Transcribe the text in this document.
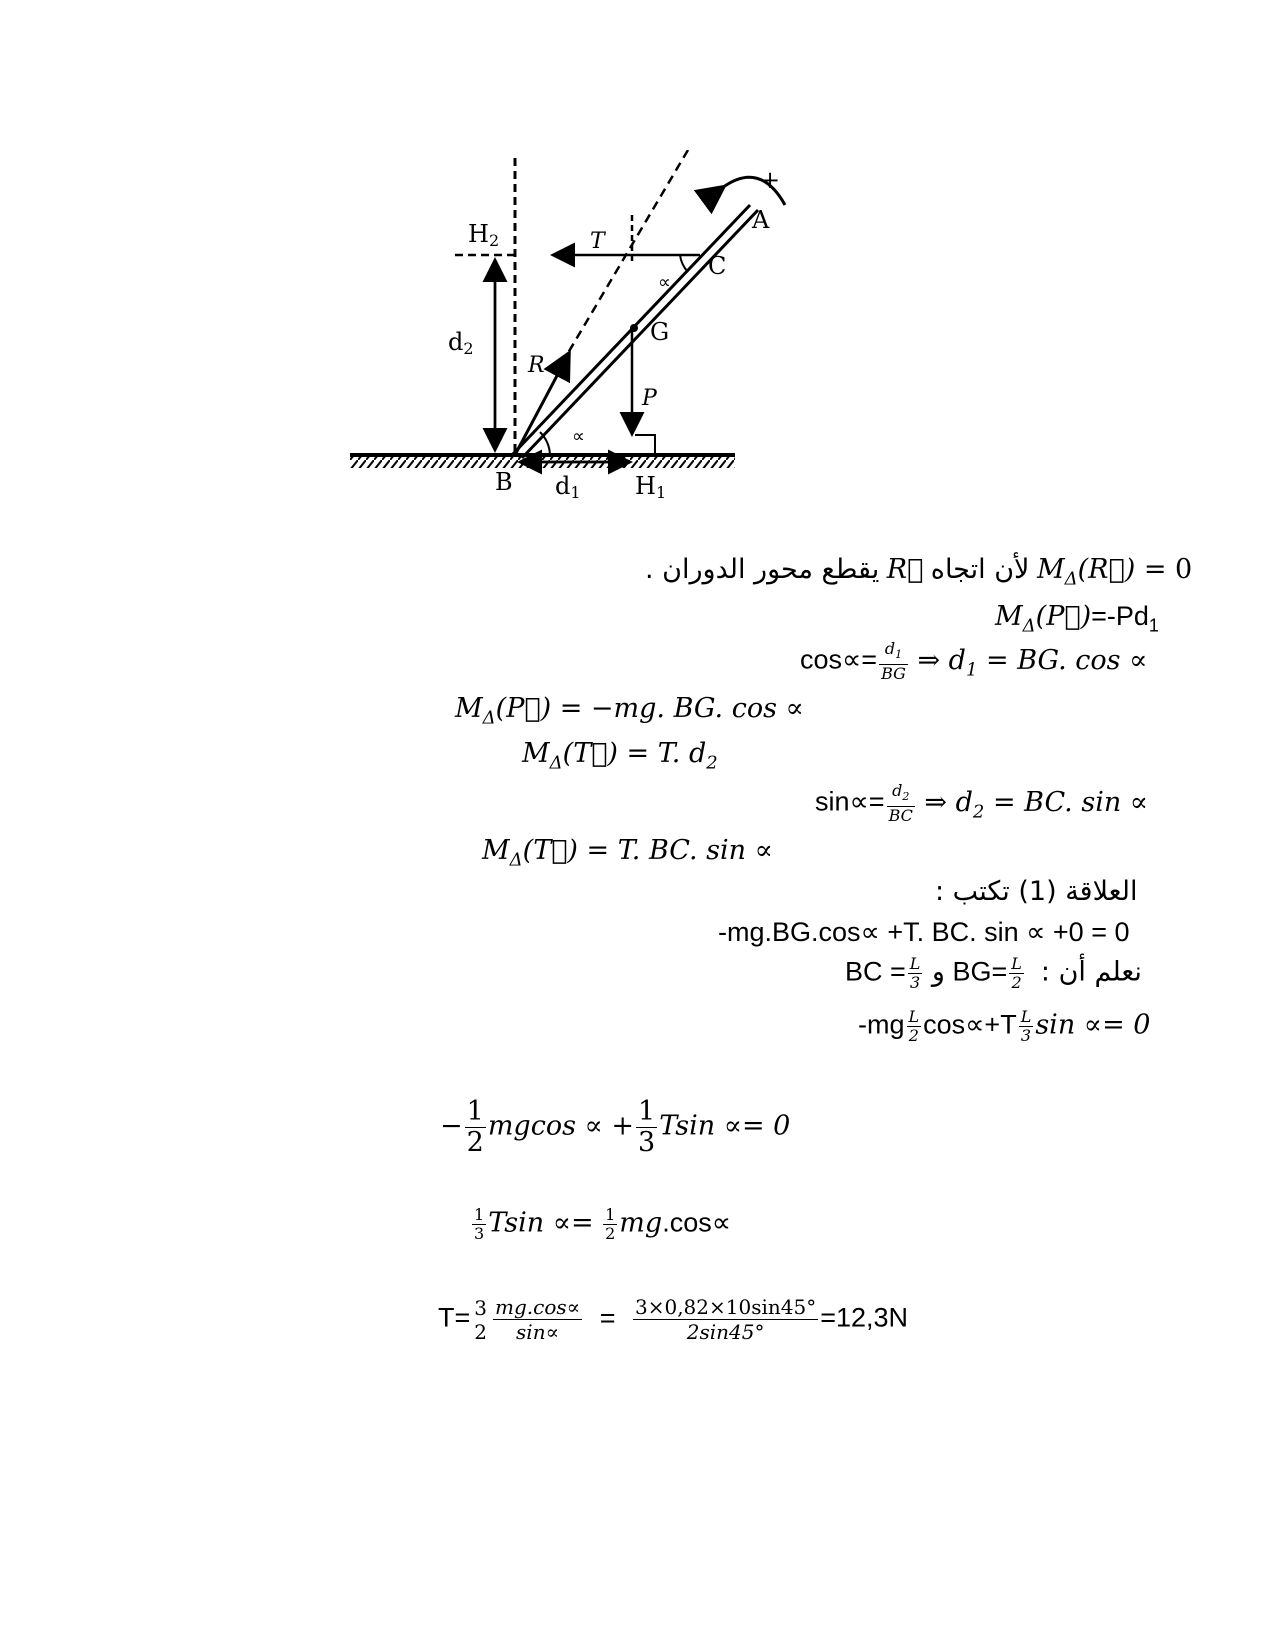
A
+
C
G
B	H1
H2
d1
d2
T
R
P
∝
∝
يقطع محور الدوران . R لأن اتجاه $M_\Delta(R⃗) = 0$
$M_\Delta(P⃗)=-Pd_1$
$\cos\propto= \frac{d_1}{BG}$ ⇒ $d_1$ = BG. cos ∝
$M_\Delta(P⃗) = -mg$. BG. cos ∝
$M_\Delta(T⃗) = T$. $d_2$
$\sin\propto= \frac{d_2}{BC}$ ⇒ $d_2$ = BC. sin ∝
$M_\Delta(T⃗) = T$. BC. sin ∝
العلاقة (1) تكتب :
-mg.BG.cos∝ +T. BC. sin ∝ +0 = 0
BC = $\frac{L}{3}$ و $BG= \frac{L}{2}$ نعلم أن :
$-mg \frac{L}{2} \cos\propto+T \frac{L}{3}$ sin ∝= 0
− $\frac{1}{2}$ mgcos ∝ + $\frac{1}{3}$ Tsin ∝= 0
$\frac{1}{3}$ $Tsin \propto= \frac{1}{2} mg.\cos\propto$
T= 3
$2 \frac{mg.\cos\propto}{\sin\propto} = \frac{3\times 0,82\times 10\sin 45^\circ}{2\sin 45^\circ} =12,3N$
